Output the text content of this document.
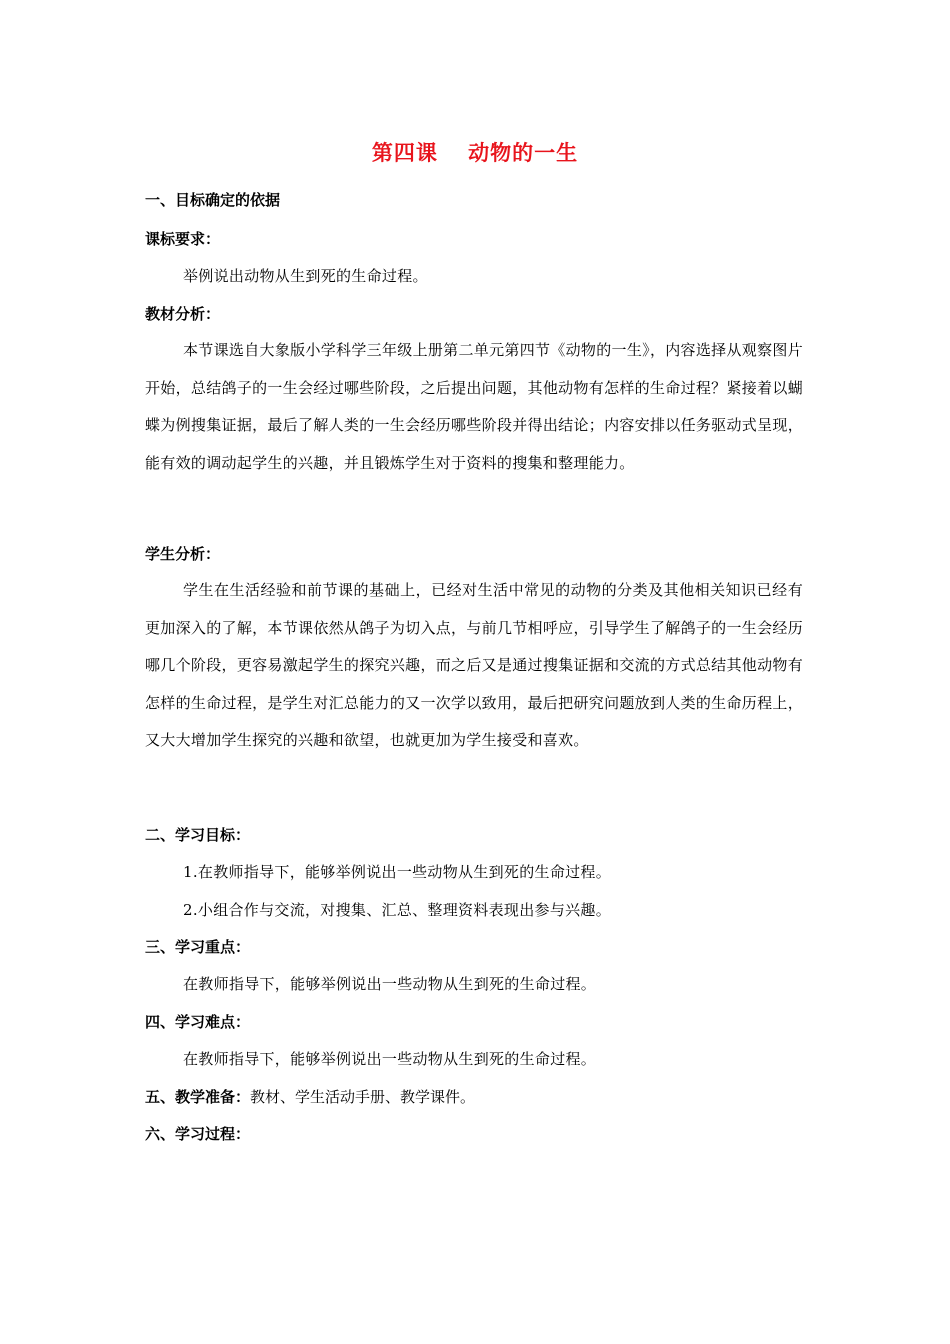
第四课　 动物的一生
一、目标确定的依据
课标要求：
举例说出动物从生到死的生命过程。
教材分析：
本节课选自大象版小学科学三年级上册第二单元第四节《动物的一生》，内容选择从观察图片开始，总结鸽子的一生会经过哪些阶段，之后提出问题，其他动物有怎样的生命过程？紧接着以蝴蝶为例搜集证据，最后了解人类的一生会经历哪些阶段并得出结论；内容安排以任务驱动式呈现，能有效的调动起学生的兴趣，并且锻炼学生对于资料的搜集和整理能力。
学生分析：
学生在生活经验和前节课的基础上，已经对生活中常见的动物的分类及其他相关知识已经有更加深入的了解，本节课依然从鸽子为切入点，与前几节相呼应，引导学生了解鸽子的一生会经历哪几个阶段，更容易激起学生的探究兴趣，而之后又是通过搜集证据和交流的方式总结其他动物有怎样的生命过程，是学生对汇总能力的又一次学以致用，最后把研究问题放到人类的生命历程上，又大大增加学生探究的兴趣和欲望，也就更加为学生接受和喜欢。
二、学习目标：
1.在教师指导下，能够举例说出一些动物从生到死的生命过程。
2.小组合作与交流，对搜集、汇总、整理资料表现出参与兴趣。
三、学习重点：
在教师指导下，能够举例说出一些动物从生到死的生命过程。
四、学习难点：
在教师指导下，能够举例说出一些动物从生到死的生命过程。
五、教学准备：教材、学生活动手册、教学课件。
六、学习过程：
